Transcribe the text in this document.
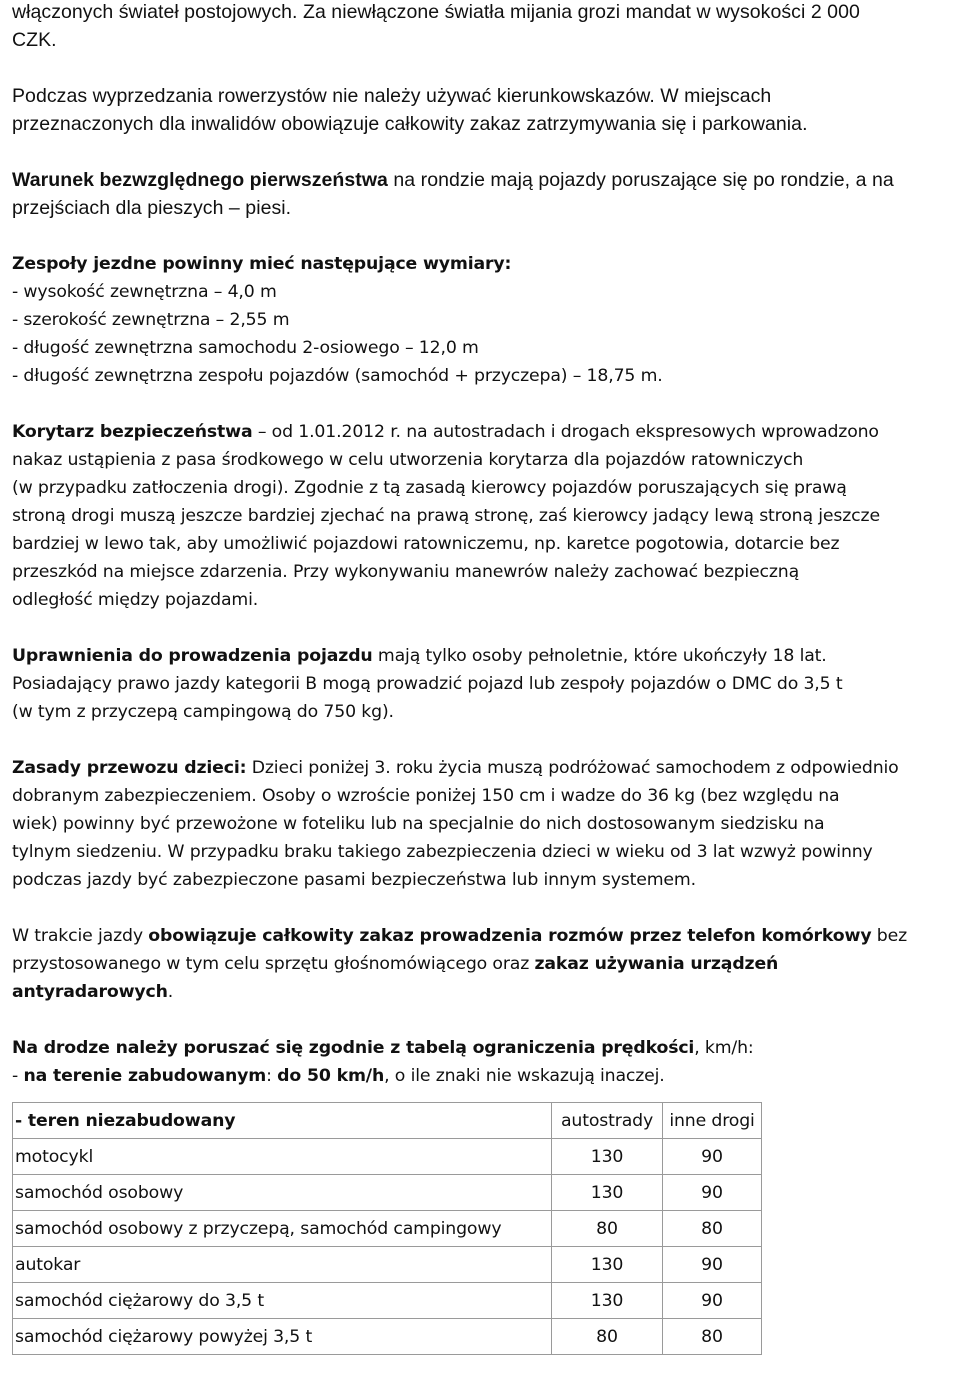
włączonych świateł postojowych. Za niewłączone światła mijania grozi mandat w wysokości 2 000
CZK.

Podczas wyprzedzania rowerzystów nie należy używać kierunkowskazów. W miejscach
przeznaczonych dla inwalidów obowiązuje całkowity zakaz zatrzymywania się i parkowania.

Warunek bezwzględnego pierwszeństwa na rondzie mają pojazdy poruszające się po rondzie, a na
przejściach dla pieszych – piesi.

Zespoły jezdne powinny mieć następujące wymiary:
- wysokość zewnętrzna – 4,0 m
- szerokość zewnętrzna – 2,55 m
- długość zewnętrzna samochodu 2-osiowego – 12,0 m
- długość zewnętrzna zespołu pojazdów (samochód + przyczepa) – 18,75 m.

Korytarz bezpieczeństwa – od 1.01.2012 r. na autostradach i drogach ekspresowych wprowadzono
nakaz ustąpienia z pasa środkowego w celu utworzenia korytarza dla pojazdów ratowniczych
(w przypadku zatłoczenia drogi). Zgodnie z tą zasadą kierowcy pojazdów poruszających się prawą
stroną drogi muszą jeszcze bardziej zjechać na prawą stronę, zaś kierowcy jadący lewą stroną jeszcze
bardziej w lewo tak, aby umożliwić pojazdowi ratowniczemu, np. karetce pogotowia, dotarcie bez
przeszkód na miejsce zdarzenia. Przy wykonywaniu manewrów należy zachować bezpieczną
odległość między pojazdami.

Uprawnienia do prowadzenia pojazdu mają tylko osoby pełnoletnie, które ukończyły 18 lat.
Posiadający prawo jazdy kategorii B mogą prowadzić pojazd lub zespoły pojazdów o DMC do 3,5 t
(w tym z przyczepą campingową do 750 kg).

Zasady przewozu dzieci: Dzieci poniżej 3. roku życia muszą podróżować samochodem z odpowiednio
dobranym zabezpieczeniem. Osoby o wzroście poniżej 150 cm i wadze do 36 kg (bez względu na
wiek) powinny być przewożone w foteliku lub na specjalnie do nich dostosowanym siedzisku na
tylnym siedzeniu. W przypadku braku takiego zabezpieczenia dzieci w wieku od 3 lat wzwyż powinny
podczas jazdy być zabezpieczone pasami bezpieczeństwa lub innym systemem.

W trakcie jazdy obowiązuje całkowity zakaz prowadzenia rozmów przez telefon komórkowy bez
przystosowanego w tym celu sprzętu głośnomówiącego oraz zakaz używania urządzeń
antyradarowych.

Na drodze należy poruszać się zgodnie z tabelą ograniczenia prędkości, km/h:
- na terenie zabudowanym: do 50 km/h, o ile znaki nie wskazują inaczej.

- teren niezabudowany	autostrady	inne drogi
motocykl	130	90
samochód osobowy	130	90
samochód osobowy z przyczepą, samochód campingowy	80	80
autokar	130	90
samochód ciężarowy do 3,5 t	130	90
samochód ciężarowy powyżej 3,5 t	80	80
